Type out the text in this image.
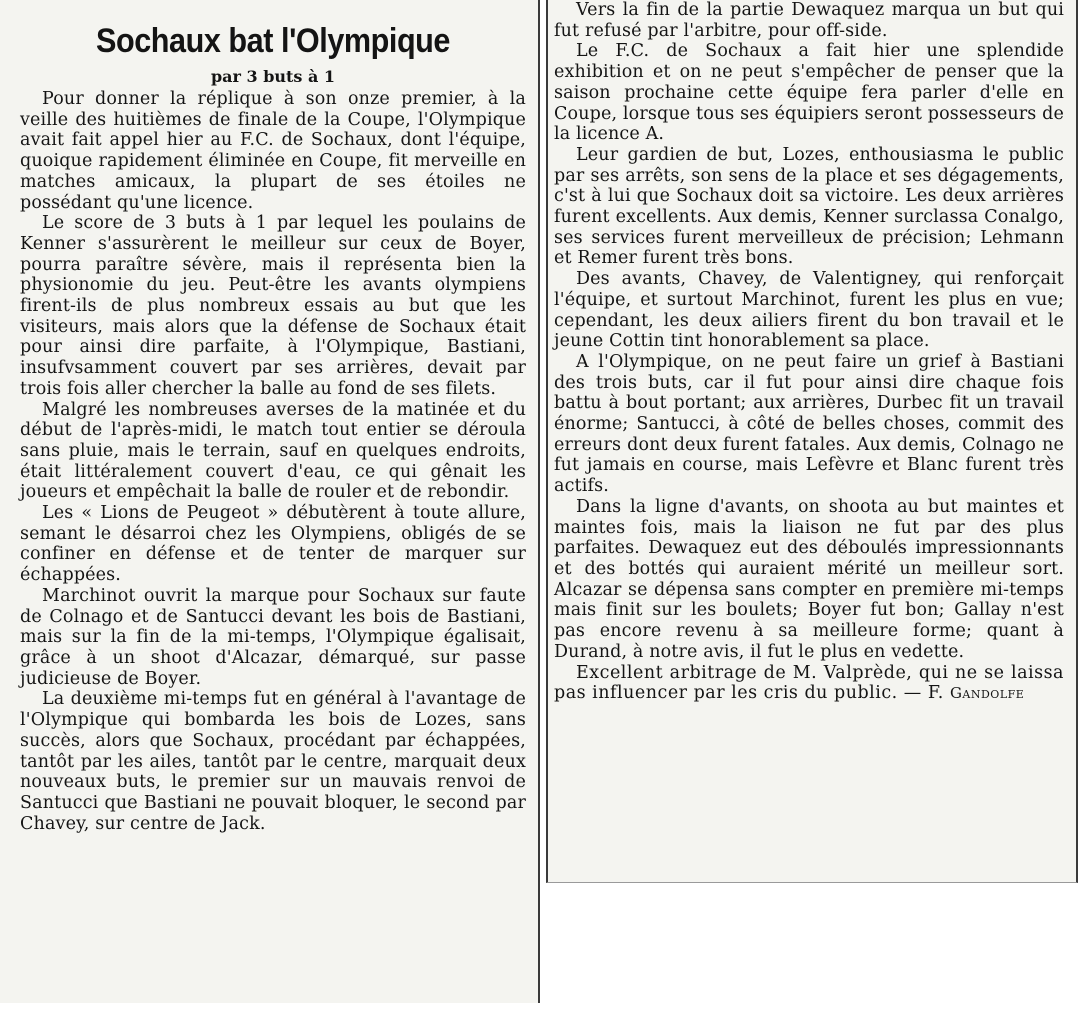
Sochaux bat l'Olympique
par 3 buts à 1

Pour donner la réplique à son onze premier, à la veille des huitièmes de finale de la Coupe, l'Olympique avait fait appel hier au F.C. de Sochaux, dont l'équipe, quoique rapidement éliminée en Coupe, fit merveille en matches amicaux, la plupart de ses étoiles ne possédant qu'une licence.

Le score de 3 buts à 1 par lequel les poulains de Kenner s'assurèrent le meilleur sur ceux de Boyer, pourra paraître sévère, mais il représenta bien la physionomie du jeu. Peut-être les avants olympiens firent-ils de plus nombreux essais au but que les visiteurs, mais alors que la défense de Sochaux était pour ainsi dire parfaite, à l'Olympique, Bastiani, insufvsamment couvert par ses arrières, devait par trois fois aller chercher la balle au fond de ses filets.

Malgré les nombreuses averses de la matinée et du début de l'après-midi, le match tout entier se déroula sans pluie, mais le terrain, sauf en quelques endroits, était littéralement couvert d'eau, ce qui gênait les joueurs et empêchait la balle de rouler et de rebondir.

Les « Lions de Peugeot » débutèrent à toute allure, semant le désarroi chez les Olympiens, obligés de se confiner en défense et de tenter de marquer sur échappées.

Marchinot ouvrit la marque pour Sochaux sur faute de Colnago et de Santucci devant les bois de Bastiani, mais sur la fin de la mi-temps, l'Olympique égalisait, grâce à un shoot d'Alcazar, démarqué, sur passe judicieuse de Boyer.

La deuxième mi-temps fut en général à l'avantage de l'Olympique qui bombarda les bois de Lozes, sans succès, alors que Sochaux, procédant par échappées, tantôt par les ailes, tantôt par le centre, marquait deux nouveaux buts, le premier sur un mauvais renvoi de Santucci que Bastiani ne pouvait bloquer, le second par Chavey, sur centre de Jack.

Vers la fin de la partie Dewaquez marqua un but qui fut refusé par l'arbitre, pour off-side.

Le F.C. de Sochaux a fait hier une splendide exhibition et on ne peut s'empêcher de penser que la saison prochaine cette équipe fera parler d'elle en Coupe, lorsque tous ses équipiers seront possesseurs de la licence A.

Leur gardien de but, Lozes, enthousiasma le public par ses arrêts, son sens de la place et ses dégagements, c'st à lui que Sochaux doit sa victoire. Les deux arrières furent excellents. Aux demis, Kenner surclassa Conalgo, ses services furent merveilleux de précision; Lehmann et Remer furent très bons.

Des avants, Chavey, de Valentigney, qui renforçait l'équipe, et surtout Marchinot, furent les plus en vue; cependant, les deux ailiers firent du bon travail et le jeune Cottin tint honorablement sa place.

A l'Olympique, on ne peut faire un grief à Bastiani des trois buts, car il fut pour ainsi dire chaque fois battu à bout portant; aux arrières, Durbec fit un travail énorme; Santucci, à côté de belles choses, commit des erreurs dont deux furent fatales. Aux demis, Colnago ne fut jamais en course, mais Lefèvre et Blanc furent très actifs.

Dans la ligne d'avants, on shoota au but maintes et maintes fois, mais la liaison ne fut par des plus parfaites. Dewaquez eut des déboulés impressionnants et des bottés qui auraient mérité un meilleur sort. Alcazar se dépensa sans compter en première mi-temps mais finit sur les boulets; Boyer fut bon; Gallay n'est pas encore revenu à sa meilleure forme; quant à Durand, à notre avis, il fut le plus en vedette.

Excellent arbitrage de M. Valprède, qui ne se laissa pas influencer par les cris du public. — F. Gandolfe
